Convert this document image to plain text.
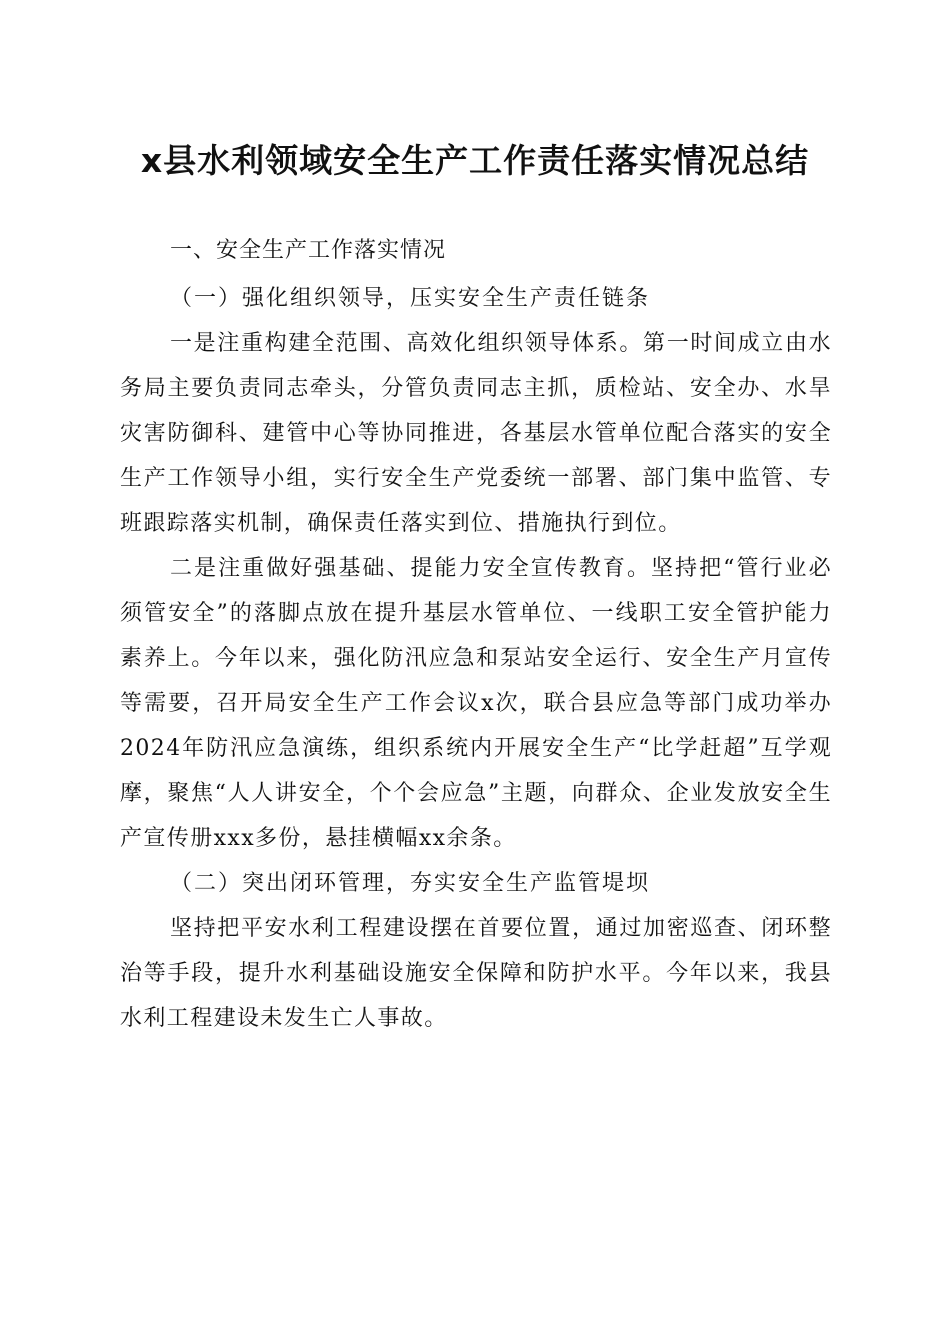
x县水利领域安全生产工作责任落实情况总结
一、安全生产工作落实情况
（一）强化组织领导，压实安全生产责任链条

一是注重构建全范围、高效化组织领导体系。第一时间成立由水务局主要负责同志牵头，分管负责同志主抓，质检站、安全办、水旱灾害防御科、建管中心等协同推进，各基层水管单位配合落实的安全生产工作领导小组，实行安全生产党委统一部署、部门集中监管、专班跟踪落实机制，确保责任落实到位、措施执行到位。

二是注重做好强基础、提能力安全宣传教育。坚持把“管行业必须管安全”的落脚点放在提升基层水管单位、一线职工安全管护能力素养上。今年以来，强化防汛应急和泵站安全运行、安全生产月宣传等需要，召开局安全生产工作会议x次，联合县应急等部门成功举办2024年防汛应急演练，组织系统内开展安全生产“比学赶超”互学观摩，聚焦“人人讲安全，个个会应急”主题，向群众、企业发放安全生产宣传册xxx多份，悬挂横幅xx余条。

（二）突出闭环管理，夯实安全生产监管堤坝

坚持把平安水利工程建设摆在首要位置，通过加密巡查、闭环整治等手段，提升水利基础设施安全保障和防护水平。今年以来，我县水利工程建设未发生亡人事故。
